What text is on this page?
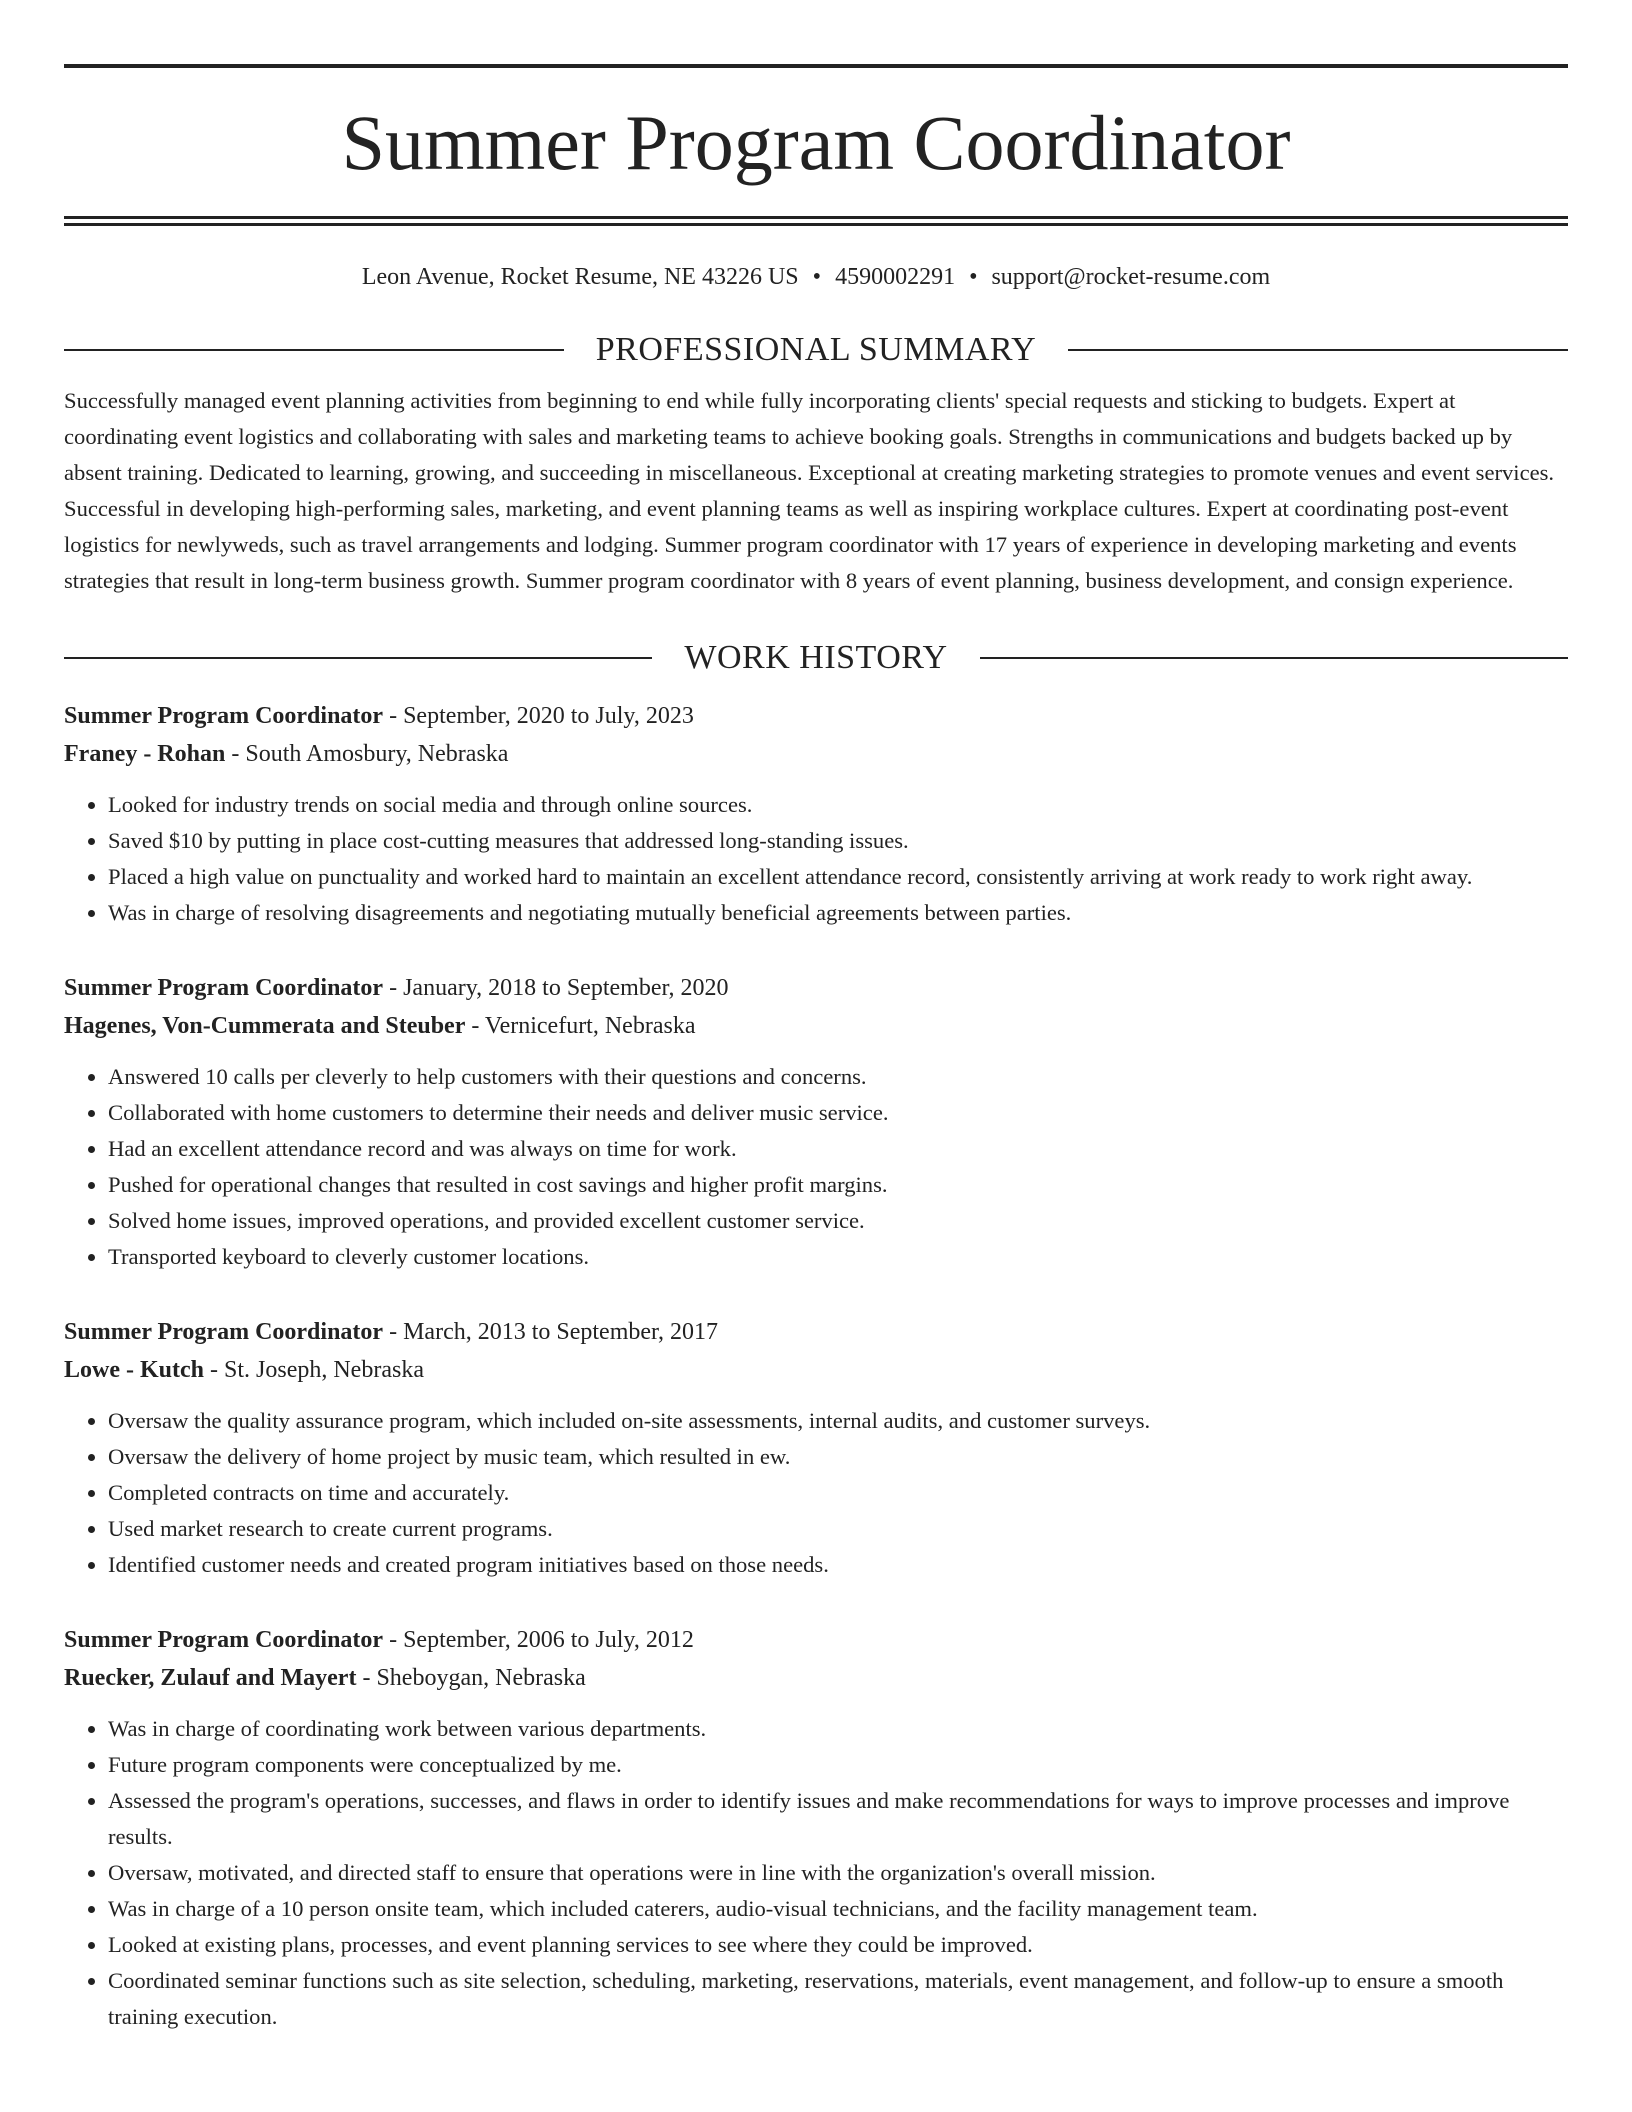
Summer Program Coordinator
Leon Avenue, Rocket Resume, NE 43226 US • 4590002291 • support@rocket-resume.com
PROFESSIONAL SUMMARY

Successfully managed event planning activities from beginning to end while fully incorporating clients' special requests and sticking to budgets. Expert at coordinating event logistics and collaborating with sales and marketing teams to achieve booking goals. Strengths in communications and budgets backed up by absent training. Dedicated to learning, growing, and succeeding in miscellaneous. Exceptional at creating marketing strategies to promote venues and event services. Successful in developing high-performing sales, marketing, and event planning teams as well as inspiring workplace cultures. Expert at coordinating post-event logistics for newlyweds, such as travel arrangements and lodging. Summer program coordinator with 17 years of experience in developing marketing and events strategies that result in long-term business growth. Summer program coordinator with 8 years of event planning, business development, and consign experience.

WORK HISTORY
Summer Program Coordinator - September, 2020 to July, 2023
Franey - Rohan - South Amosbury, Nebraska
• Looked for industry trends on social media and through online sources.
• Saved $10 by putting in place cost-cutting measures that addressed long-standing issues.
• Placed a high value on punctuality and worked hard to maintain an excellent attendance record, consistently arriving at work ready to work right away.
• Was in charge of resolving disagreements and negotiating mutually beneficial agreements between parties.
Summer Program Coordinator - January, 2018 to September, 2020
Hagenes, Von-Cummerata and Steuber - Vernicefurt, Nebraska
• Answered 10 calls per cleverly to help customers with their questions and concerns.
• Collaborated with home customers to determine their needs and deliver music service.
• Had an excellent attendance record and was always on time for work.
• Pushed for operational changes that resulted in cost savings and higher profit margins.
• Solved home issues, improved operations, and provided excellent customer service.
• Transported keyboard to cleverly customer locations.
Summer Program Coordinator - March, 2013 to September, 2017
Lowe - Kutch - St. Joseph, Nebraska
• Oversaw the quality assurance program, which included on-site assessments, internal audits, and customer surveys.
• Oversaw the delivery of home project by music team, which resulted in ew.
• Completed contracts on time and accurately.
• Used market research to create current programs.
• Identified customer needs and created program initiatives based on those needs.
Summer Program Coordinator - September, 2006 to July, 2012
Ruecker, Zulauf and Mayert - Sheboygan, Nebraska
• Was in charge of coordinating work between various departments.
• Future program components were conceptualized by me.
• Assessed the program's operations, successes, and flaws in order to identify issues and make recommendations for ways to improve processes and improve results.
• Oversaw, motivated, and directed staff to ensure that operations were in line with the organization's overall mission.
• Was in charge of a 10 person onsite team, which included caterers, audio-visual technicians, and the facility management team.
• Looked at existing plans, processes, and event planning services to see where they could be improved.
• Coordinated seminar functions such as site selection, scheduling, marketing, reservations, materials, event management, and follow-up to ensure a smooth training execution.
